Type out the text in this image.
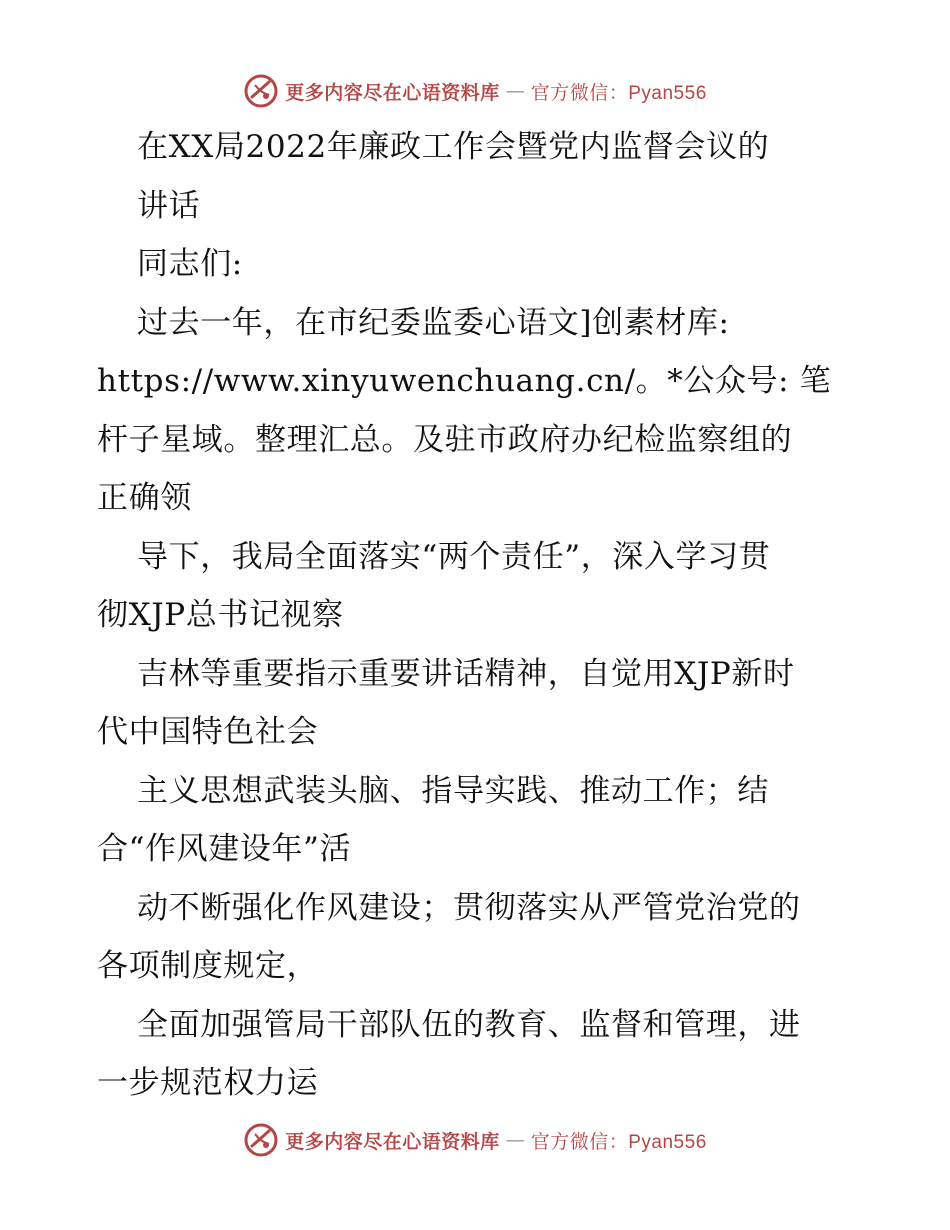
更多内容尽在心语资料库 — 官方微信：Pyan556
在XX局2022年廉政工作会暨党内监督会议的
讲话
同志们:
过去一年，在市纪委监委心语文]创素材库:
https://www.xinyuwenchuang.cn/。*公众号: 笔
杆子星域。整理汇总。及驻市政府办纪检监察组的
正确领
导下，我局全面落实“两个责任”，深入学习贯
彻XJP总书记视察
吉林等重要指示重要讲话精神，自觉用XJP新时
代中国特色社会
主义思想武装头脑、指导实践、推动工作；结
合“作风建设年”活
动不断强化作风建设；贯彻落实从严管党治党的
各项制度规定，
全面加强管局干部队伍的教育、监督和管理，进
一步规范权力运
更多内容尽在心语资料库 — 官方微信：Pyan556
